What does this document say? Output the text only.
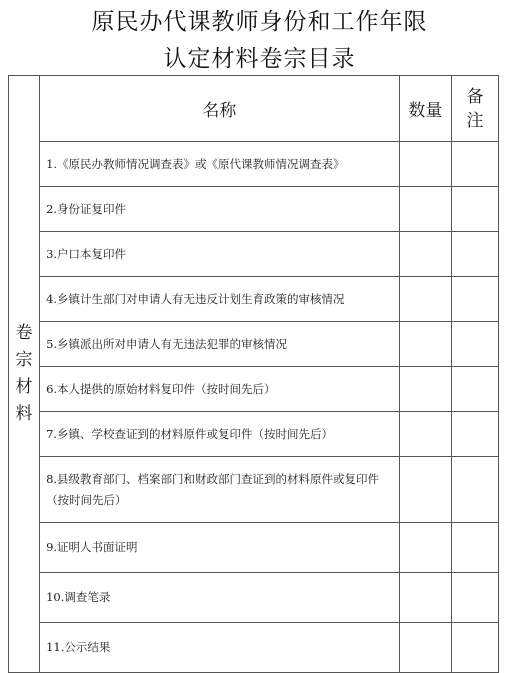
原民办代课教师身份和工作年限
认定材料卷宗目录
卷宗材料	名称	数量	备
注

	1.《原民办教师情况调查表》或《原代课教师情况调查表》		
	2.身份证复印件		
	3.户口本复印件		
	4.乡镇计生部门对申请人有无违反计划生育政策的审核情况		
	5.乡镇派出所对申请人有无违法犯罪的审核情况		
	6.本人提供的原始材料复印件（按时间先后）		
	7.乡镇、学校查证到的材料原件或复印件（按时间先后）		
	8.县级教育部门、档案部门和财政部门查证到的材料原件或复印件（按时间先后）		
	9.证明人书面证明		
	10.调查笔录		
	11.公示结果		
